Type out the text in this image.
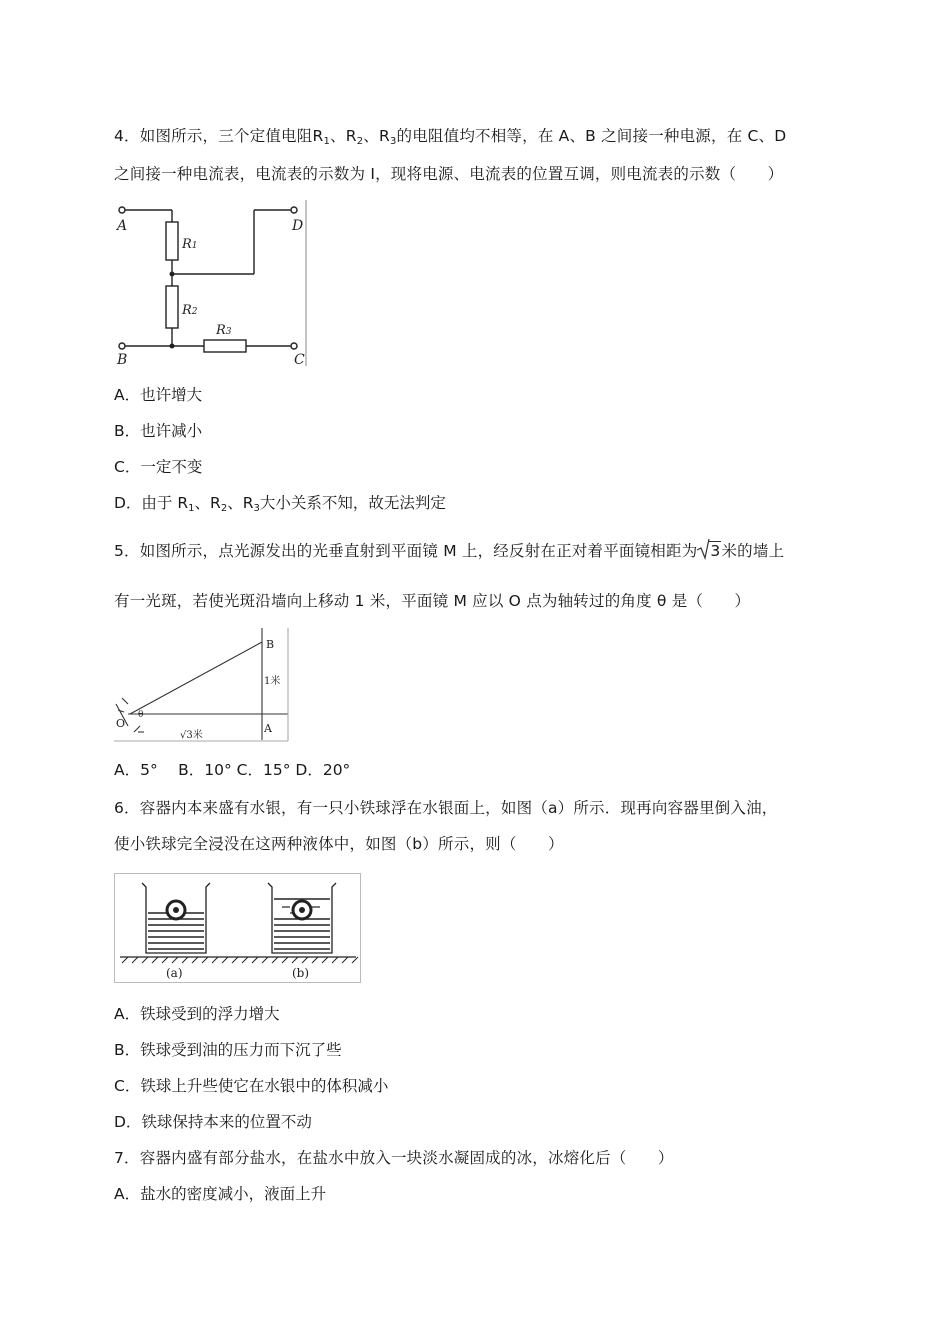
4．如图所示，三个定值电阻$R_1$、$R_2$、$R_3$的电阻值均不相等，在 A、B 之间接一种电源，在 C、D
之间接一种电流表，电流表的示数为 I，现将电源、电流表的位置互调，则电流表的示数（　　）
A	D
B	C
R1
R2
R3
A．也许增大
B．也许减小
C．一定不变
D．由于 $R_1$、$R_2$、$R_3$大小关系不知，故无法判定
5．如图所示，点光源发出的光垂直射到平面镜 M 上，经反射在正对着平面镜相距为 3米的墙上
有一光斑，若使光斑沿墙向上移动 1 米，平面镜 M 应以 O 点为轴转过的角度 θ 是（　　）
B
A
O
θ
1米
√3米
A．5°　 B．10° C．15° D．20°
6．容器内本来盛有水银，有一只小铁球浮在水银面上，如图（a）所示．现再向容器里倒入油，
使小铁球完全浸没在这两种液体中，如图（b）所示，则（　　）
(a)	(b)
A．铁球受到的浮力增大
B．铁球受到油的压力而下沉了些
C．铁球上升些使它在水银中的体积减小
D．铁球保持本来的位置不动
7．容器内盛有部分盐水，在盐水中放入一块淡水凝固成的冰，冰熔化后（　　）
A．盐水的密度减小，液面上升
